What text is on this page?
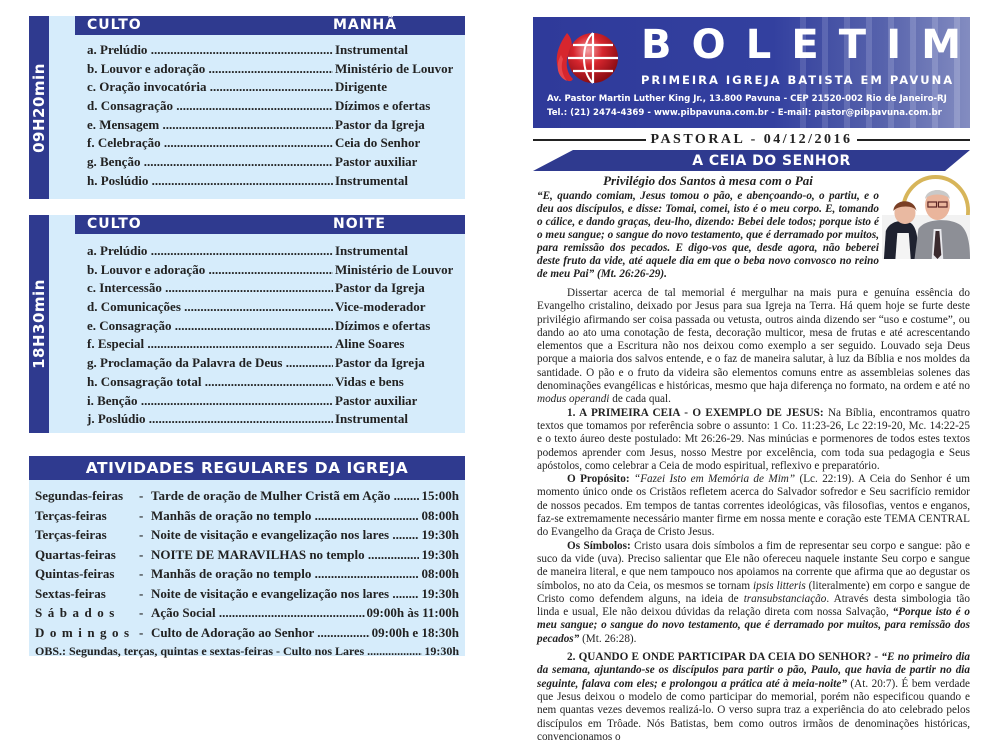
09H20min
CULTO	MANHÃ
a. Prelúdio .....	Instrumental
b. Louvor e adoração .....	Ministério de Louvor
c. Oração invocatória .....	Dirigente
d. Consagração .....	Dízimos e ofertas
e. Mensagem .....	Pastor da Igreja
f. Celebração .....	Ceia do Senhor
g. Benção .....	Pastor auxiliar
h. Poslúdio .....	Instrumental
18H30min
CULTO	NOITE
a. Prelúdio .....	Instrumental
b. Louvor e adoração .....	Ministério de Louvor
c. Intercessão .....	Pastor da Igreja
d. Comunicações .....	Vice-moderador
e. Consagração .....	Dízimos e ofertas
f. Especial .....	Aline Soares
g. Proclamação da Palavra de Deus .....	Pastor da Igreja
h. Consagração total .....	Vidas e bens
i. Benção .....	Pastor auxiliar
j. Poslúdio .....	Instrumental
ATIVIDADES REGULARES DA IGREJA
Segundas-feiras	- Tarde de oração de Mulher Cristã em Ação .....	15:00h
Terças-feiras	- Manhãs de oração no templo .....	08:00h
Terças-feiras	- Noite de visitação e evangelização nos lares .....	19:30h
Quartas-feiras	- NOITE DE MARAVILHAS no templo .....	19:30h
Quintas-feiras	- Manhãs de oração no templo .....	08:00h
Sextas-feiras	- Noite de visitação e evangelização nos lares .....	19:30h
Sábados	- Ação Social .....	09:00h às 11:00h
Domingos - Culto de Adoração ao Senhor .....	09:00h e 18:30h
OBS.: Segundas, terças, quintas e sextas-feiras - Culto nos Lares .....	19:30h
B O L E T I M
PRIMEIRA IGREJA BATISTA EM PAVUNA
Av. Pastor Martin Luther King Jr., 13.800 Pavuna - CEP 21520-002 Rio de Janeiro-RJ
Tel.: (21) 2474-4369 - www.pibpavuna.com.br - E-mail: pastor@pibpavuna.com.br
PASTORAL - 04/12/2016
A CEIA DO SENHOR
Privilégio dos Santos à mesa com o Pai
“E, quando comiam, Jesus tomou o pão, e abençoando-o, o partiu, e o deu aos discípulos, e disse: Tomai, comei, isto é o meu corpo. E, tomando o cálice, e dando graças, deu-lho, dizendo: Bebei dele todos; porque isto é o meu sangue; o sangue do novo testamento, que é derramado por muitos, para remissão dos pecados. E digo-vos que, desde agora, não beberei deste fruto da vide, até aquele dia em que o beba novo convosco no reino de meu Pai” (Mt. 26:26-29).

Dissertar acerca de tal memorial é mergulhar na mais pura e genuína essência do Evangelho cristalino, deixado por Jesus para sua Igreja na Terra. Há quem hoje se furte deste privilégio afirmando ser coisa passada ou vetusta, outros ainda dizendo ser “uso e costume”, ou dando ao ato uma conotação de festa, decoração multicor, mesa de frutas e até acrescentando elementos que a Escritura não nos deixou como exemplo a ser seguido. Louvado seja Deus porque a maioria dos salvos entende, e o faz de maneira salutar, à luz da Bíblia e nos moldes da santidade. O pão e o fruto da videira são elementos comuns entre as assembleias solenes das denominações evangélicas e históricas, mesmo que haja diferença no formato, na ordem e até no modus operandi de cada qual.

1. A PRIMEIRA CEIA - O EXEMPLO DE JESUS: Na Bíblia, encontramos quatro textos que tomamos por referência sobre o assunto: 1 Co. 11:23-26, Lc 22:19-20, Mc. 14:22-25 e o texto áureo deste postulado: Mt 26:26-29. Nas minúcias e pormenores de todos estes textos podemos aprender com Jesus, nosso Mestre por excelência, com toda sua pedagogia e Seus apóstolos, como celebrar a Ceia de modo espiritual, reflexivo e preparatório.

O Propósito: “Fazei Isto em Memória de Mim” (Lc. 22:19). A Ceia do Senhor é um momento único onde os Cristãos refletem acerca do Salvador sofredor e Seu sacrifício remidor de nossos pecados. Em tempos de tantas correntes ideológicas, vãs filosofias, ventos e enganos, faz-se extremamente necessário manter firme em nossa mente e coração este TEMA CENTRAL do Evangelho da Graça de Cristo Jesus.

Os Símbolos: Cristo usara dois símbolos a fim de representar seu corpo e sangue: pão e suco da vide (uva). Preciso salientar que Ele não ofereceu naquele instante Seu corpo e sangue de maneira literal, e que nem tampouco nos apoiamos na corrente que afirma que ao degustar os símbolos, no ato da Ceia, os mesmos se tornam ipsis litteris (literalmente) em corpo e sangue de Cristo como defendem alguns, na ideia de transubstanciação. Através desta simbologia tão linda e usual, Ele não deixou dúvidas da relação direta com nossa Salvação, “Porque isto é o meu sangue; o sangue do novo testamento, que é derramado por muitos, para remissão dos pecados” (Mt. 26:28).

2. QUANDO E ONDE PARTICIPAR DA CEIA DO SENHOR? - “E no primeiro dia da semana, ajuntando-se os discípulos para partir o pão, Paulo, que havia de partir no dia seguinte, falava com eles; e prolongou a prática até à meia-noite” (At. 20:7). É bem verdade que Jesus deixou o modelo de como participar do memorial, porém não especificou quando e nem quantas vezes devemos realizá-lo. O verso supra traz a experiência do ato celebrado pelos discípulos em Trôade. Nós Batistas, bem como outros irmãos de denominações históricas, convencionamos o
